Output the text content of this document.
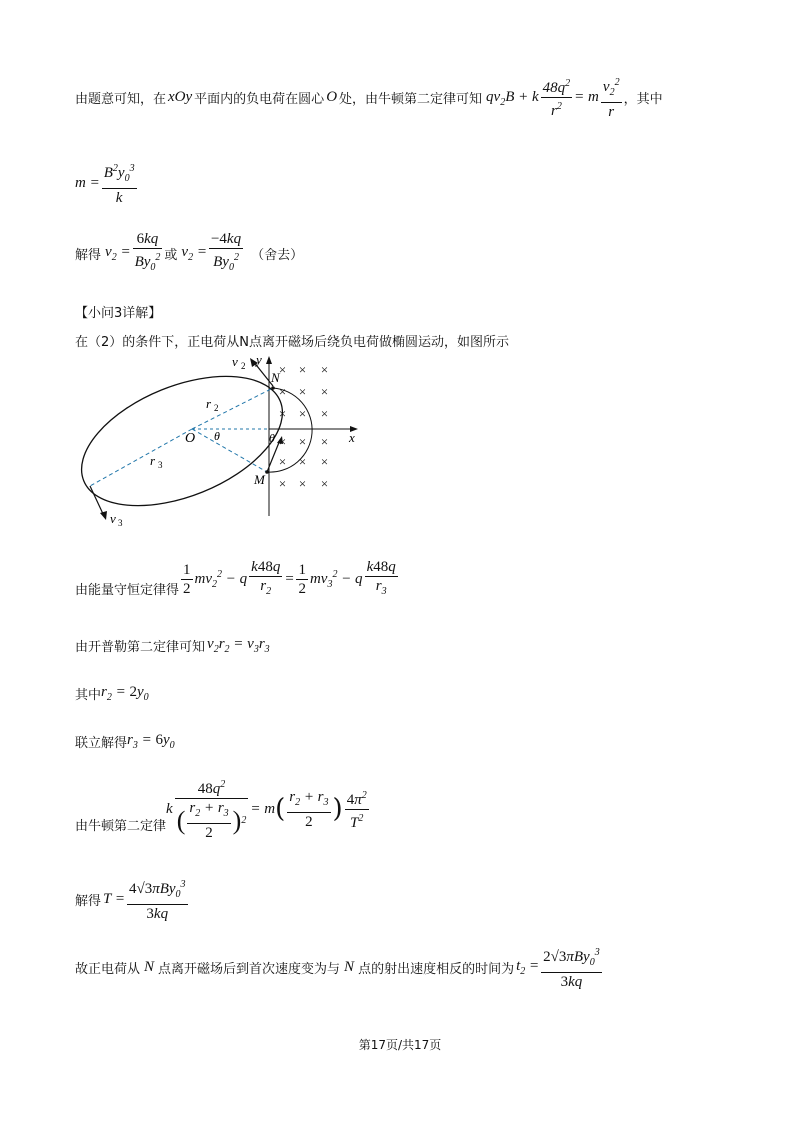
由题意可知，在 xOy 平面内的负电荷在圆心 O 处，由牛顿第二定律可知 $qv_2B + k \frac{48q^2}{r^2} = m \frac{v_2^2}{r}$ ，其中
$m = \frac{B^2y_0^3}{k}$
解得 $v_2 = \frac{6kq}{By_0^2}$ 或 $v_2 = \frac{-4kq}{By_0^2}$ （舍去）
【小问3详解】
在（2）的条件下，正电荷从N点离开磁场后绕负电荷做椭圆运动，如图所示
× × ×
× × ×
× × ×
× × ×
× × ×
× × ×
v 2 y
N
r 2
O θ	θ	x
r 3
M
v 3
由能量守恒定律得 $\frac{1}{2} mv_2^2 - q \frac{k48q}{r_2} = \frac{1}{2} mv_3^2 - q \frac{k48q}{r_3}$
由开普勒第二定律可知 $v_2r_2 = v_3r_3$
其中 $r_2 = 2y_0$
联立解得 $r_3 = 6y_0$
由牛顿第二定律
k $\frac{48q^2}{( \frac{r_2 + r_3}{2} ) 2} = m$ ( $\frac{r_2 + r_3}{2}$ ) $\frac{4\pi^2}{T^2}$
解得 $T = \frac{4√3\pi By_0^3}{3kq}$
故正电荷从 N 点离开磁场后到首次速度变为与 N 点的射出速度相反的时间为 $t_2 = \frac{2√3\pi By_0^3}{3kq}$
第17页/共17页
